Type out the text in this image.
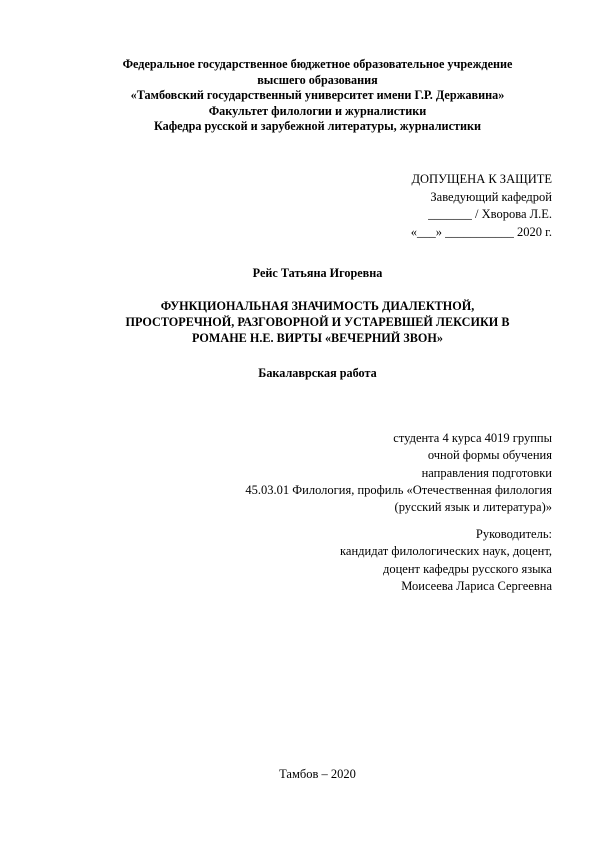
Федеральное государственное бюджетное образовательное учреждение
высшего образования
«Тамбовский государственный университет имени Г.Р. Державина»
Факультет филологии и журналистики
Кафедра русской и зарубежной литературы, журналистики
ДОПУЩЕНА К ЗАЩИТЕ
Заведующий кафедрой
_______ / Хворова Л.Е.
«___» ___________ 2020 г.
Рейс Татьяна Игоревна
ФУНКЦИОНАЛЬНАЯ ЗНАЧИМОСТЬ ДИАЛЕКТНОЙ,
ПРОСТОРЕЧНОЙ, РАЗГОВОРНОЙ И УСТАРЕВШЕЙ ЛЕКСИКИ В
РОМАНЕ Н.Е. ВИРТЫ «ВЕЧЕРНИЙ ЗВОН»
Бакалаврская работа
студента 4 курса 4019 группы
очной формы обучения
направления подготовки
45.03.01 Филология, профиль «Отечественная филология
(русский язык и литература)»
Руководитель:
кандидат филологических наук, доцент,
доцент кафедры русского языка
Моисеева Лариса Сергеевна
Тамбов – 2020
